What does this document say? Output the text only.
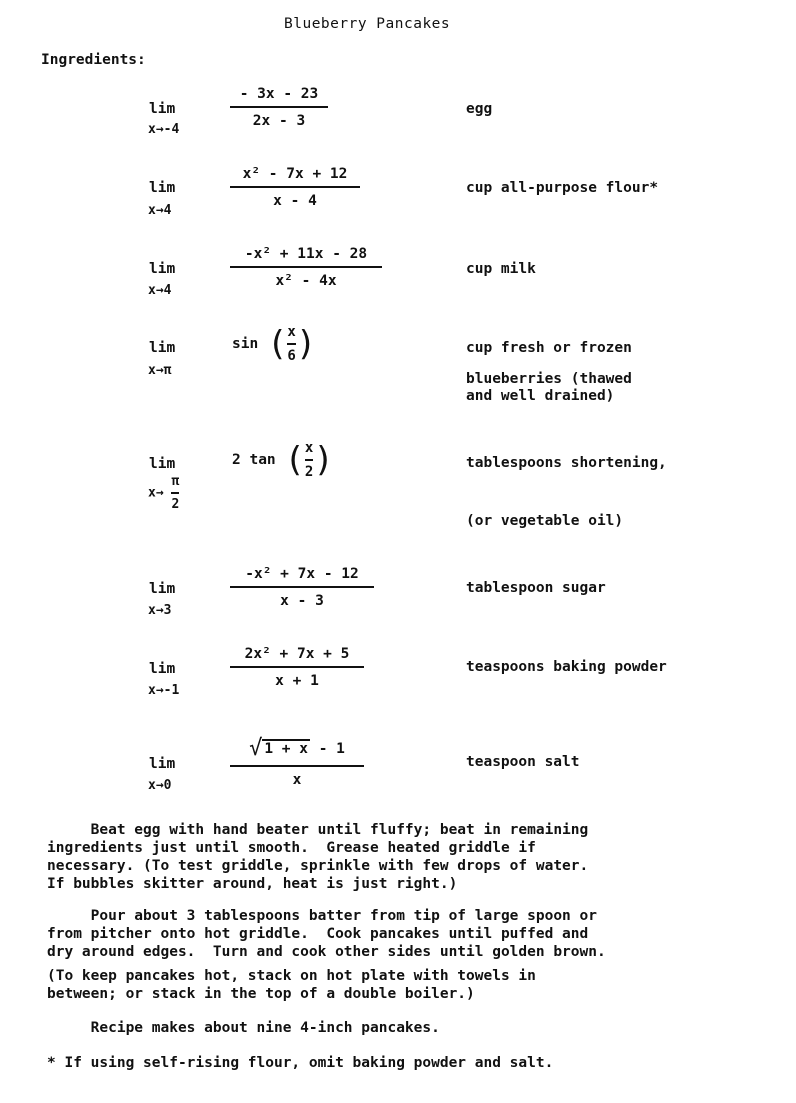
Blueberry Pancakes
Ingredients:
lim
x→-4
- 3x - 23
2x - 3
egg
lim
x→4
x² - 7x + 12
x - 4
cup all-purpose flour*
lim
x→4
-x² + 11x - 28
x² - 4x
cup milk
lim
x→π
$\sin (\frac{x}{6})$	cup fresh or frozen
blueberries (thawed
and well drained)
lim
$x\to \frac{\pi}{2}$
2 $\tan (\frac{x}{2})$	tablespoons shortening,
(or vegetable oil)
lim
x→3
-x² + 7x - 12
x - 3
tablespoon sugar
lim
x→-1
2x² + 7x + 5
x + 1
teaspoons baking powder
lim
x→0
√ 1 + x - 1
x
teaspoon salt
Beat egg with hand beater until fluffy; beat in remaining
ingredients just until smooth.  Grease heated griddle if
necessary. (To test griddle, sprinkle with few drops of water.
If bubbles skitter around, heat is just right.)
Pour about 3 tablespoons batter from tip of large spoon or
from pitcher onto hot griddle.  Cook pancakes until puffed and
dry around edges.  Turn and cook other sides until golden brown.
(To keep pancakes hot, stack on hot plate with towels in
between; or stack in the top of a double boiler.)
Recipe makes about nine 4-inch pancakes.
* If using self-rising flour, omit baking powder and salt.
